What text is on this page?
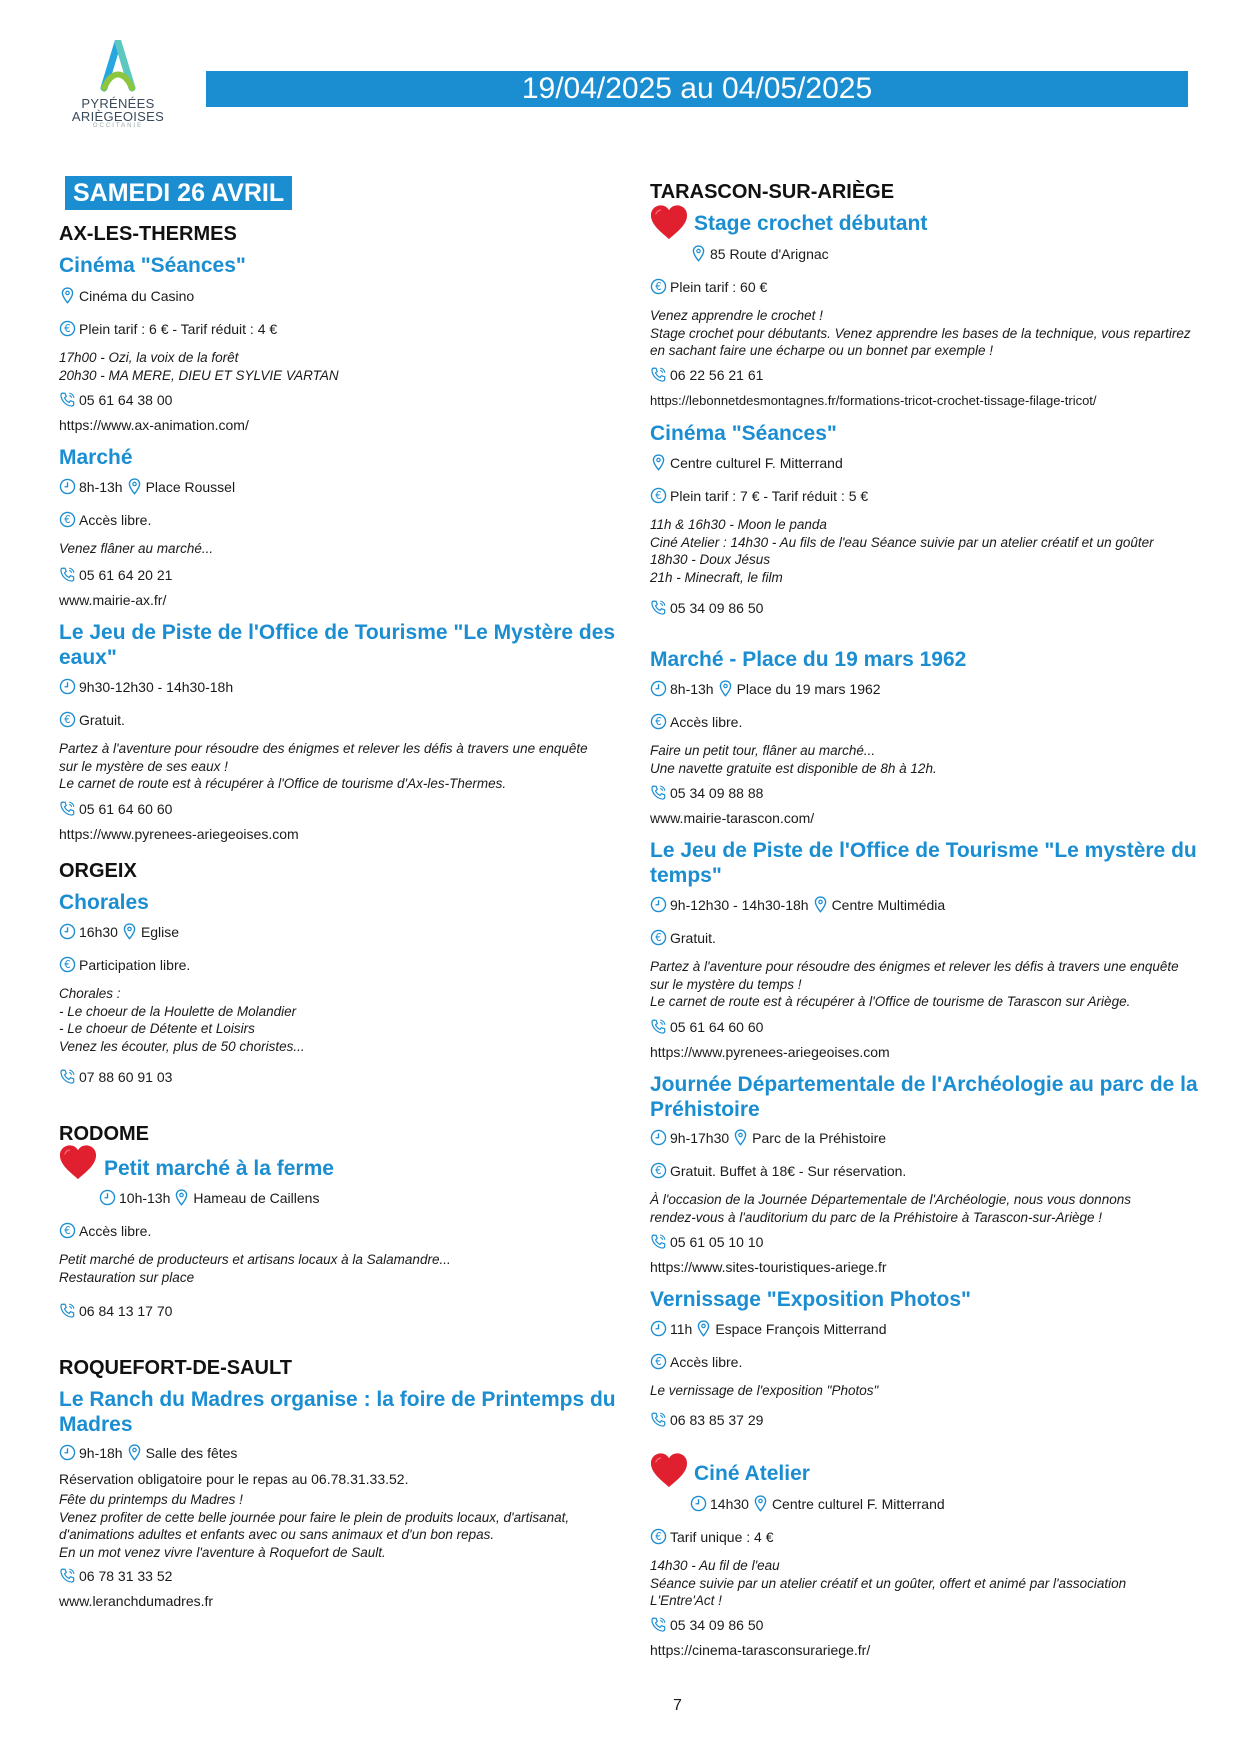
PYRÉNÉES
ARIÈGEOISES
OCCITANIE
19/04/2025 au 04/05/2025
SAMEDI 26 AVRIL
AX-LES-THERMES
Cinéma "Séances"
Cinéma du Casino
Plein tarif : 6 € - Tarif réduit : 4 €
17h00 - Ozi, la voix de la forêt
20h30 - MA MERE, DIEU ET SYLVIE VARTAN
05 61 64 38 00
https://www.ax-animation.com/
Marché
8h-13h Place Roussel
Accès libre.
Venez flâner au marché...
05 61 64 20 21
www.mairie-ax.fr/
Le Jeu de Piste de l'Office de Tourisme "Le Mystère des
eaux"
9h30-12h30 - 14h30-18h
Gratuit.
Partez à l'aventure pour résoudre des énigmes et relever les défis à travers une enquête
sur le mystère de ses eaux !
Le carnet de route est à récupérer à l'Office de tourisme d'Ax-les-Thermes.
05 61 64 60 60
https://www.pyrenees-ariegeoises.com
ORGEIX
Chorales
16h30 Eglise
Participation libre.
Chorales :
- Le choeur de la Houlette de Molandier
- Le choeur de Détente et Loisirs
Venez les écouter, plus de 50 choristes...
07 88 60 91 03
RODOME
Petit marché à la ferme
10h-13h Hameau de Caillens
Accès libre.
Petit marché de producteurs et artisans locaux à la Salamandre...
Restauration sur place
06 84 13 17 70
ROQUEFORT-DE-SAULT
Le Ranch du Madres organise : la foire de Printemps du
Madres
9h-18h Salle des fêtes
Réservation obligatoire pour le repas au 06.78.31.33.52.
Fête du printemps du Madres !
Venez profiter de cette belle journée pour faire le plein de produits locaux, d'artisanat,
d'animations adultes et enfants avec ou sans animaux et d'un bon repas.
En un mot venez vivre l'aventure à Roquefort de Sault.
06 78 31 33 52
www.leranchdumadres.fr
TARASCON-SUR-ARIÈGE
Stage crochet débutant
85 Route d'Arignac
Plein tarif : 60 €
Venez apprendre le crochet !
Stage crochet pour débutants. Venez apprendre les bases de la technique, vous repartirez
en sachant faire une écharpe ou un bonnet par exemple !
06 22 56 21 61
https://lebonnetdesmontagnes.fr/formations-tricot-crochet-tissage-filage-tricot/
Cinéma "Séances"
Centre culturel F. Mitterrand
Plein tarif : 7 € - Tarif réduit : 5 €
11h & 16h30 - Moon le panda
Ciné Atelier : 14h30 - Au fils de l'eau Séance suivie par un atelier créatif et un goûter
18h30 - Doux Jésus
21h - Minecraft, le film
05 34 09 86 50
Marché - Place du 19 mars 1962
8h-13h Place du 19 mars 1962
Accès libre.
Faire un petit tour, flâner au marché...
Une navette gratuite est disponible de 8h à 12h.
05 34 09 88 88
www.mairie-tarascon.com/
Le Jeu de Piste de l'Office de Tourisme "Le mystère du
temps"
9h-12h30 - 14h30-18h Centre Multimédia
Gratuit.
Partez à l'aventure pour résoudre des énigmes et relever les défis à travers une enquête
sur le mystère du temps !
Le carnet de route est à récupérer à l'Office de tourisme de Tarascon sur Ariège.
05 61 64 60 60
https://www.pyrenees-ariegeoises.com
Journée Départementale de l'Archéologie au parc de la
Préhistoire
9h-17h30 Parc de la Préhistoire
Gratuit. Buffet à 18€ - Sur réservation.
À l'occasion de la Journée Départementale de l'Archéologie, nous vous donnons
rendez-vous à l'auditorium du parc de la Préhistoire à Tarascon-sur-Ariège !
05 61 05 10 10
https://www.sites-touristiques-ariege.fr
Vernissage "Exposition Photos"
11h Espace François Mitterrand
Accès libre.
Le vernissage de l'exposition "Photos"
06 83 85 37 29
Ciné Atelier
14h30 Centre culturel F. Mitterrand
Tarif unique : 4 €
14h30 - Au fil de l'eau
Séance suivie par un atelier créatif et un goûter, offert et animé par l'association
L'Entre'Act !
05 34 09 86 50
https://cinema-tarasconsurariege.fr/
7
